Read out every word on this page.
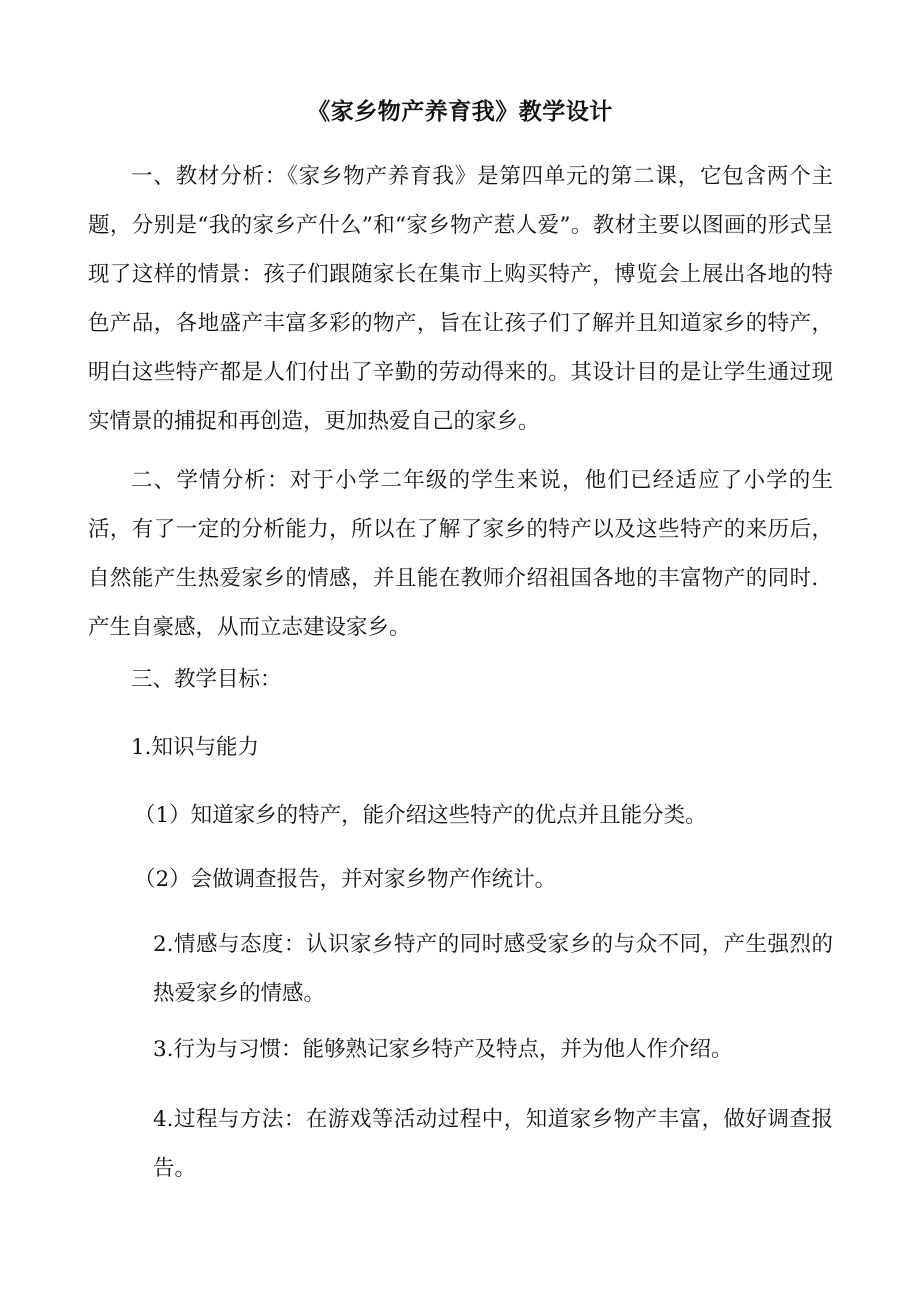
《家乡物产养育我》教学设计

一、教材分析：《家乡物产养育我》是第四单元的第二课，它包含两个主题，分别是“我的家乡产什么”和“家乡物产惹人爱”。教材主要以图画的形式呈现了这样的情景：孩子们跟随家长在集市上购买特产，博览会上展出各地的特色产品，各地盛产丰富多彩的物产，旨在让孩子们了解并且知道家乡的特产，明白这些特产都是人们付出了辛勤的劳动得来的。其设计目的是让学生通过现实情景的捕捉和再创造，更加热爱自己的家乡。

二、学情分析：对于小学二年级的学生来说，他们已经适应了小学的生活，有了一定的分析能力，所以在了解了家乡的特产以及这些特产的来历后，自然能产生热爱家乡的情感，并且能在教师介绍祖国各地的丰富物产的同时．产生自豪感，从而立志建设家乡。

三、教学目标：

1.知识与能力

（1）知道家乡的特产，能介绍这些特产的优点并且能分类。

（2）会做调查报告，并对家乡物产作统计。

2.情感与态度：认识家乡特产的同时感受家乡的与众不同，产生强烈的热爱家乡的情感。

3.行为与习惯：能够熟记家乡特产及特点，并为他人作介绍。

4.过程与方法：在游戏等活动过程中，知道家乡物产丰富，做好调查报告。
